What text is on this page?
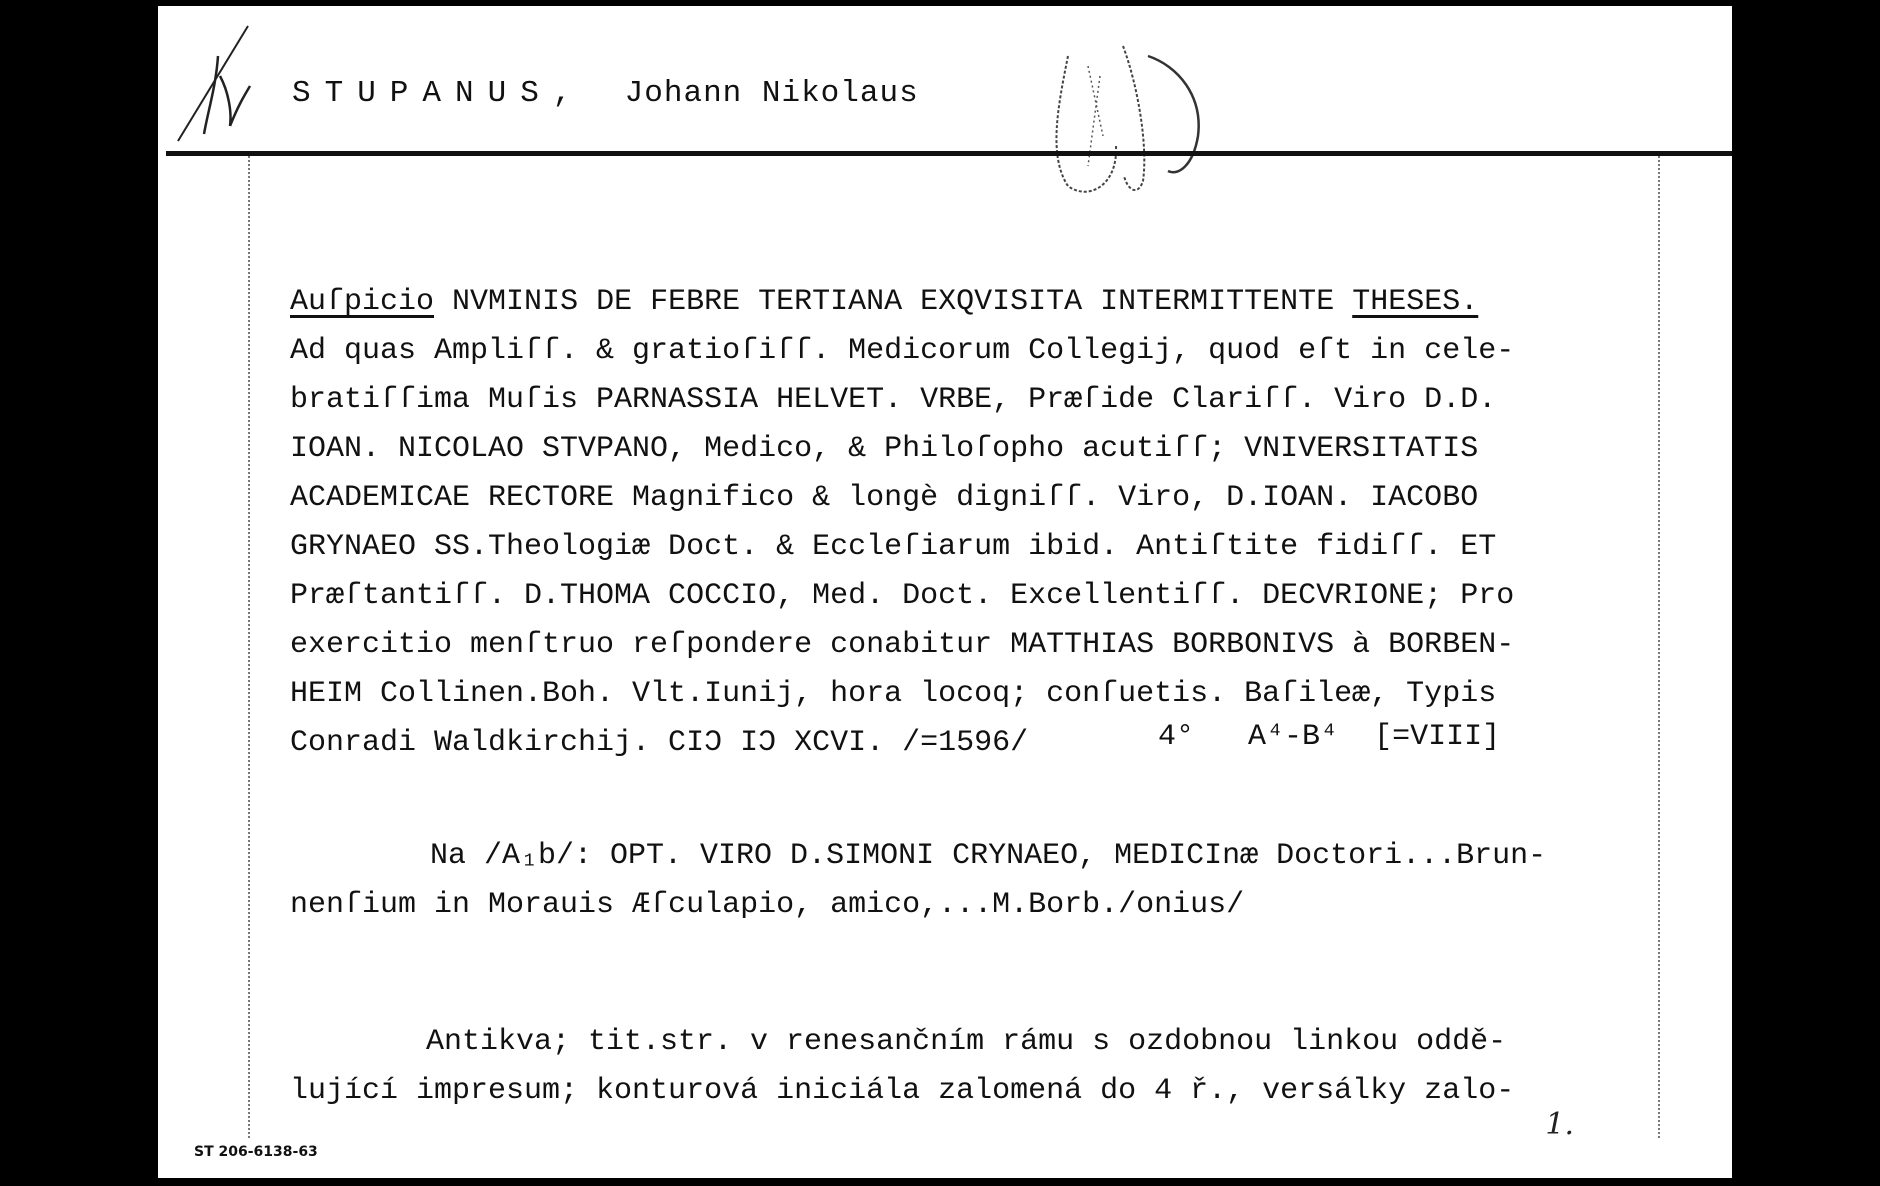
STUPANUS, Johann Nikolaus
Auſpicio NVMINIS DE FEBRE TERTIANA EXQVISITA INTERMITTENTE THESES.
Ad quas Ampliſſ. & gratioſiſſ. Medicorum Collegij, quod eſt in cele-
bratiſſima Muſis PARNASSIA HELVET. VRBE, Præſide Clariſſ. Viro D.D.
IOAN. NICOLAO STVPANO, Medico, & Philoſopho acutiſſ; VNIVERSITATIS
ACADEMICAE RECTORE Magnifico & longè digniſſ. Viro, D.IOAN. IACOBO
GRYNAEO SS.Theologiæ Doct. & Eccleſiarum ibid. Antiſtite fidiſſ. ET
Præſtantiſſ. D.THOMA COCCIO, Med. Doct. Excellentiſſ. DECVRIONE; Pro
exercitio menſtruo reſpondere conabitur MATTHIAS BORBONIVS à BORBEN-
HEIM Collinen.Boh. Vlt.Iunij, hora locoq; conſuetis. Baſileæ, Typis
Conradi Waldkirchij. CIƆ IƆ XCVI. /=1596/	4° A⁴-B⁴ [=VIII]
Na /A₁b/: OPT. VIRO D.SIMONI CRYNAEO, MEDICInæ Doctori...Brun-
nenſium in Morauis Æſculapio, amico,...M.Borb./onius/
Antikva; tit.str. v renesančním rámu s ozdobnou linkou oddě-
lující impresum; konturová iniciála zalomená do 4 ř., versálky zalo-
ST 206-6138-63
1.
